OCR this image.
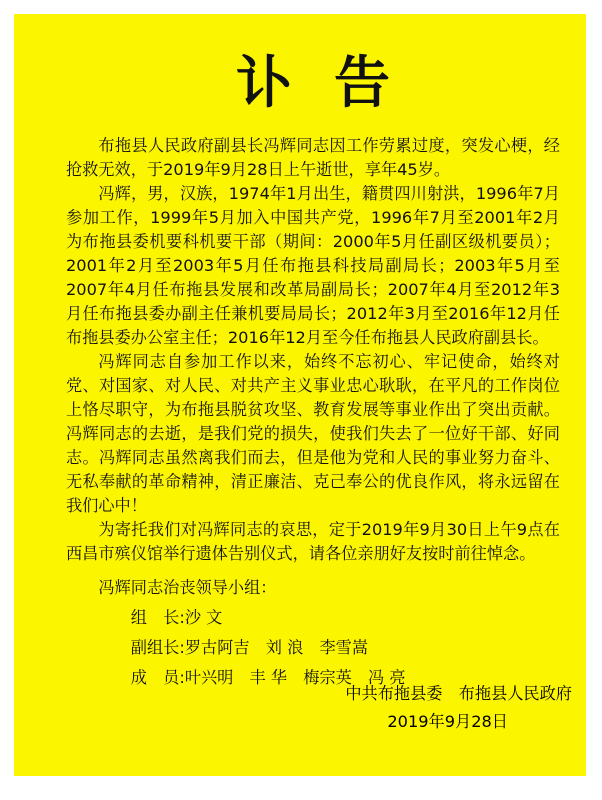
讣告

布拖县人民政府副县长冯辉同志因工作劳累过度，突发心梗，经抢救无效，于2019年9月28日上午逝世，享年45岁。

冯辉，男，汉族，1974年1月出生，籍贯四川射洪，1996年7月参加工作，1999年5月加入中国共产党，1996年7月至2001年2月为布拖县委机要科机要干部（期间：2000年5月任副区级机要员）；2001年2月至2003年5月任布拖县科技局副局长；2003年5月至2007年4月任布拖县发展和改革局副局长；2007年4月至2012年3月任布拖县委办副主任兼机要局局长；2012年3月至2016年12月任布拖县委办公室主任；2016年12月至今任布拖县人民政府副县长。

冯辉同志自参加工作以来，始终不忘初心、牢记使命，始终对党、对国家、对人民、对共产主义事业忠心耿耿，在平凡的工作岗位上恪尽职守，为布拖县脱贫攻坚、教育发展等事业作出了突出贡献。冯辉同志的去逝，是我们党的损失，使我们失去了一位好干部、好同志。冯辉同志虽然离我们而去，但是他为党和人民的事业努力奋斗、无私奉献的革命精神，清正廉洁、克己奉公的优良作风，将永远留在我们心中！

为寄托我们对冯辉同志的哀思，定于2019年9月30日上午9点在西昌市殡仪馆举行遗体告别仪式，请各位亲朋好友按时前往悼念。

冯辉同志治丧领导小组：
组　长:沙 文
副组长:罗古阿吉　刘 浪　李雪嵩
成　员:叶兴明　丰 华　梅宗英　冯 亮
中共布拖县委　布拖县人民政府
2019年9月28日
